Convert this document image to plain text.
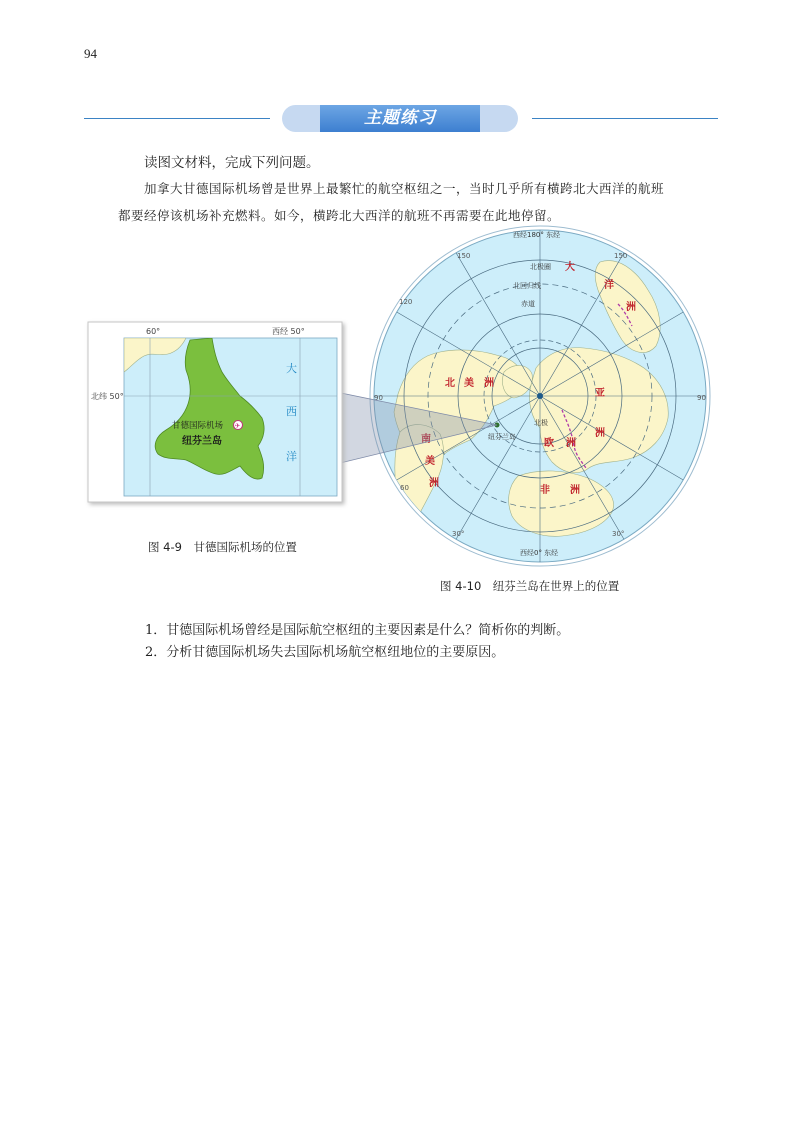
94
主题练习
读图文材料，完成下列问题。
加拿大甘德国际机场曾是世界上最繁忙的航空枢纽之一，当时几乎所有横跨北大西洋的航班
都要经停该机场补充燃料。如今，横跨北大西洋的航班不再需要在此地停留。
西经180° 东经
西经0° 东经
北极圈
北回归线
赤道
北极
纽芬兰岛
150	150
120
90	90
60
30°	30°
北 美 洲
南
美
洲
亚
洲
欧 洲
非 洲
大
洋
洲
60°	西经 50°
北纬 50°
甘德国际机场 ✈
纽芬兰岛
大
西
洋
图 4-9　甘德国际机场的位置
图 4-10　纽芬兰岛在世界上的位置
1．甘德国际机场曾经是国际航空枢纽的主要因素是什么？简析你的判断。
2．分析甘德国际机场失去国际机场航空枢纽地位的主要原因。
